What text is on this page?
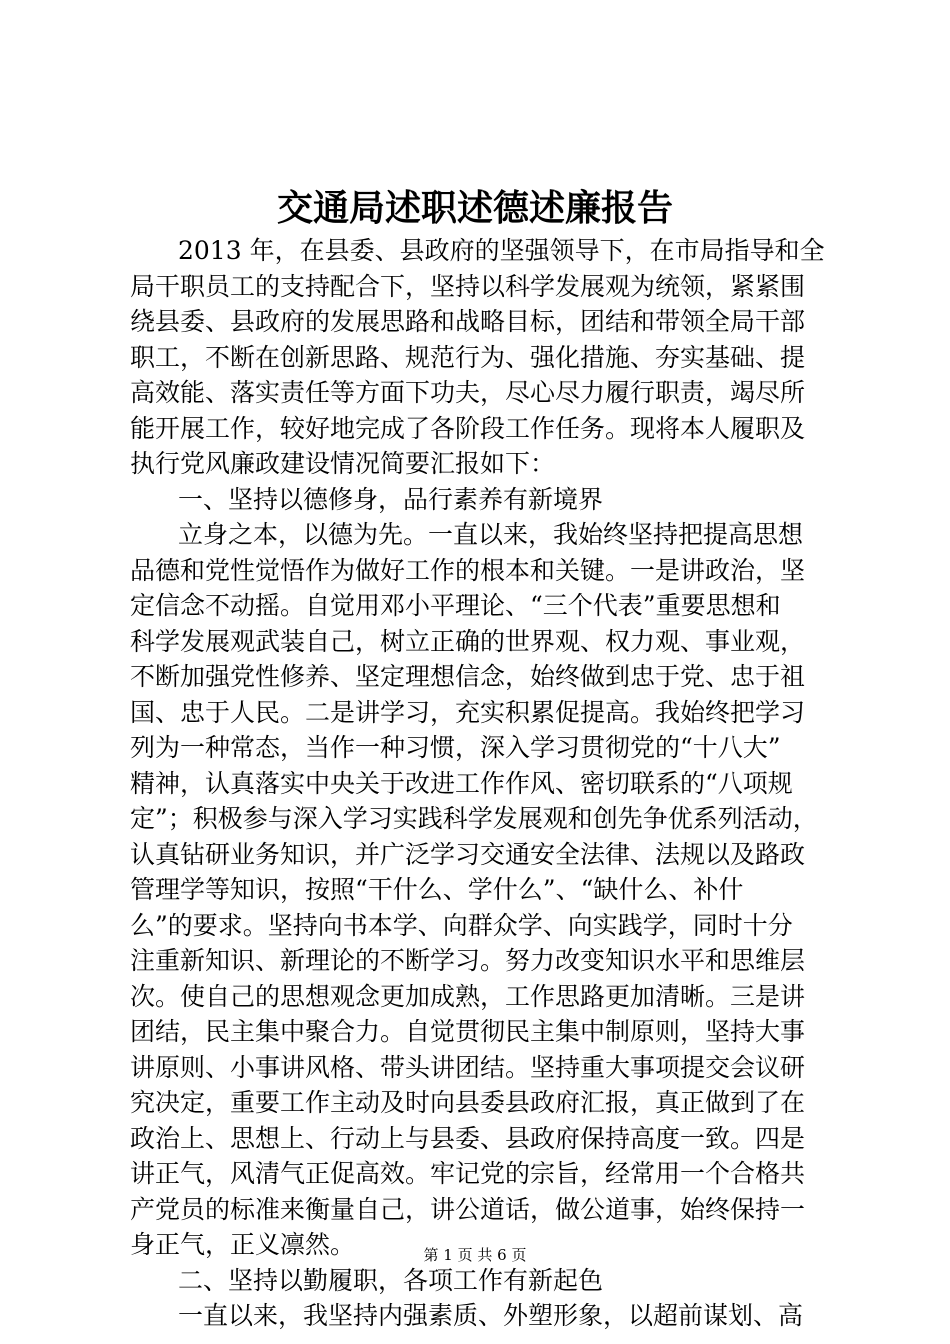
交通局述职述德述廉报告
2013 年，在县委、县政府的坚强领导下，在市局指导和全
局干职员工的支持配合下，坚持以科学发展观为统领，紧紧围
绕县委、县政府的发展思路和战略目标，团结和带领全局干部
职工，不断在创新思路、规范行为、强化措施、夯实基础、提
高效能、落实责任等方面下功夫，尽心尽力履行职责，竭尽所
能开展工作，较好地完成了各阶段工作任务。现将本人履职及
执行党风廉政建设情况简要汇报如下：
一、坚持以德修身，品行素养有新境界
立身之本，以德为先。一直以来，我始终坚持把提高思想
品德和党性觉悟作为做好工作的根本和关键。一是讲政治，坚
定信念不动摇。自觉用邓小平理论、“三个代表”重要思想和
科学发展观武装自己，树立正确的世界观、权力观、事业观，
不断加强党性修养、坚定理想信念，始终做到忠于党、忠于祖
国、忠于人民。二是讲学习，充实积累促提高。我始终把学习
列为一种常态，当作一种习惯，深入学习贯彻党的“十八大”
精神，认真落实中央关于改进工作作风、密切联系的“八项规
定”；积极参与深入学习实践科学发展观和创先争优系列活动，
认真钻研业务知识，并广泛学习交通安全法律、法规以及路政
管理学等知识，按照“干什么、学什么”、“缺什么、补什
么”的要求。坚持向书本学、向群众学、向实践学，同时十分
注重新知识、新理论的不断学习。努力改变知识水平和思维层
次。使自己的思想观念更加成熟，工作思路更加清晰。三是讲
团结，民主集中聚合力。自觉贯彻民主集中制原则，坚持大事
讲原则、小事讲风格、带头讲团结。坚持重大事项提交会议研
究决定，重要工作主动及时向县委县政府汇报，真正做到了在
政治上、思想上、行动上与县委、县政府保持高度一致。四是
讲正气，风清气正促高效。牢记党的宗旨，经常用一个合格共
产党员的标准来衡量自己，讲公道话，做公道事，始终保持一
身正气，正义凛然。
二、坚持以勤履职，各项工作有新起色
一直以来，我坚持内强素质、外塑形象，以超前谋划、高
第 1 页 共 6 页
